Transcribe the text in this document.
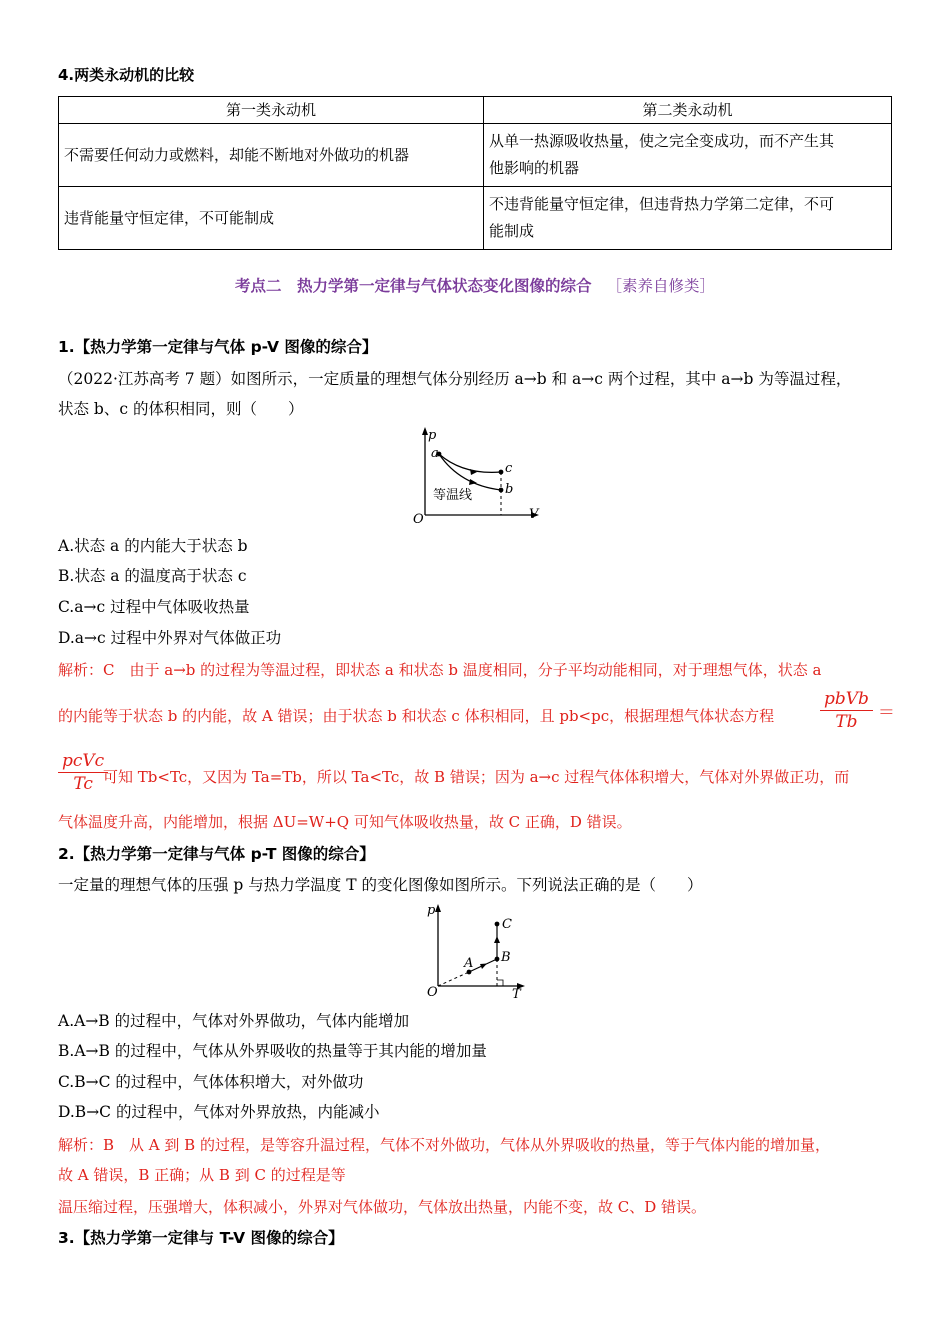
4.两类永动机的比较
第一类永动机	第二类永动机
不需要任何动力或燃料，却能不断地对外做功的机器	从单一热源吸收热量，使之完全变成功，而不产生其
他影响的机器
违背能量守恒定律，不可能制成	不违背能量守恒定律，但违背热力学第二定律，不可
能制成
考点二　热力学第一定律与气体状态变化图像的综合 ［素养自修类］
1.【热力学第一定律与气体 p-V 图像的综合】
（2022·江苏高考 7 题）如图所示，一定质量的理想气体分别经历 a→b 和 a→c 两个过程，其中 a→b 为等温过程，
状态 b、c 的体积相同，则（　　）
p
a
c
b
等温线
O	V
A.状态 a 的内能大于状态 b
B.状态 a 的温度高于状态 c
C.a→c 过程中气体吸收热量
D.a→c 过程中外界对气体做正功
解析：C　由于 a→b 的过程为等温过程，即状态 a 和状态 b 温度相同，分子平均动能相同，对于理想气体，状态 a
的内能等于状态 b 的内能，故 A 错误；由于状态 b 和状态 c 体积相同，且 pb<pc，根据理想气体状态方程	$\frac{\text{pbVb}}{Tb}$ ＝
$\frac{\text{pcVc}}{Tc}$
可知 Tb<Tc，又因为 Ta=Tb，所以 Ta<Tc，故 B 错误；因为 a→c 过程气体体积增大，气体对外界做正功，而
气体温度升高，内能增加，根据 ΔU=W+Q 可知气体吸收热量，故 C 正确，D 错误。
2.【热力学第一定律与气体 p-T 图像的综合】
一定量的理想气体的压强 p 与热力学温度 T 的变化图像如图所示。下列说法正确的是（　　）
p
A B
C
O	T
A.A→B 的过程中，气体对外界做功，气体内能增加
B.A→B 的过程中，气体从外界吸收的热量等于其内能的增加量
C.B→C 的过程中，气体体积增大，对外做功
D.B→C 的过程中，气体对外界放热，内能减小
解析：B　从 A 到 B 的过程，是等容升温过程，气体不对外做功，气体从外界吸收的热量，等于气体内能的增加量，
故 A 错误，B 正确；从 B 到 C 的过程是等
温压缩过程，压强增大，体积减小，外界对气体做功，气体放出热量，内能不变，故 C、D 错误。
3.【热力学第一定律与 T-V 图像的综合】
